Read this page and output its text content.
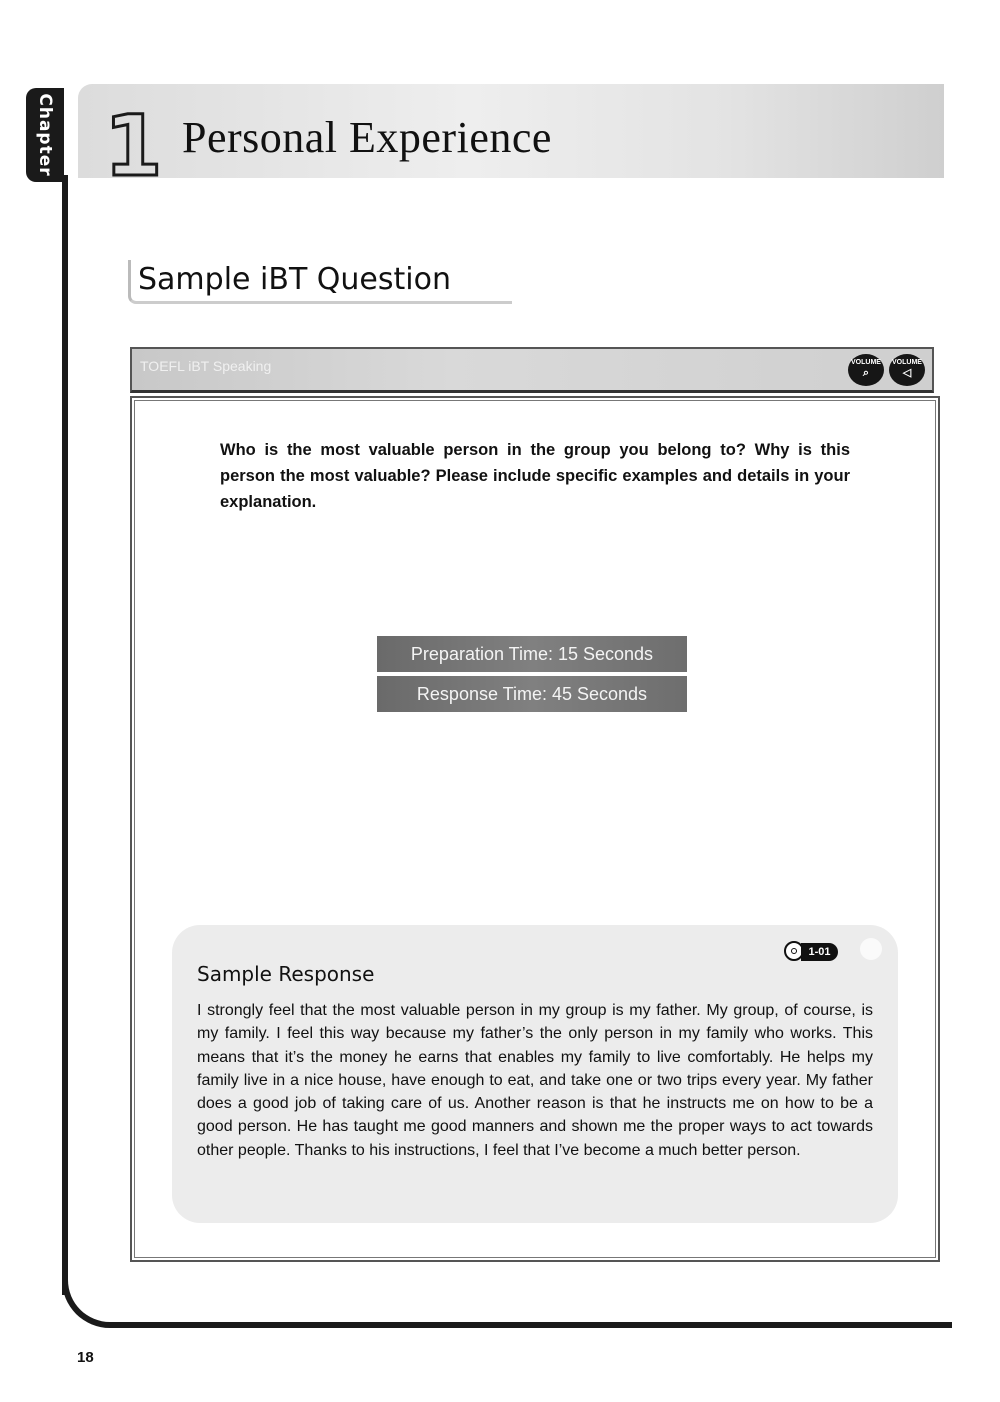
Chapter 1 Personal Experience
Sample iBT Question
TOEFL iBT Speaking	VOLUME
⌕
VOLUME
◁
Who is the most valuable person in the group you belong to? Why is this person the most valuable? Please include specific examples and details in your explanation.
Preparation Time: 15 Seconds
Response Time: 45 Seconds
1-01
Sample Response
I strongly feel that the most valuable person in my group is my father. My group, of course, is my family. I feel this way because my father’s the only person in my family who works. This means that it’s the money he earns that enables my family to live comfortably. He helps my family live in a nice house, have enough to eat, and take one or two trips every year. My father does a good job of taking care of us. Another reason is that he instructs me on how to be a good person. He has taught me good manners and shown me the proper ways to act towards other people. Thanks to his instructions, I feel that I’ve become a much better person.
18
